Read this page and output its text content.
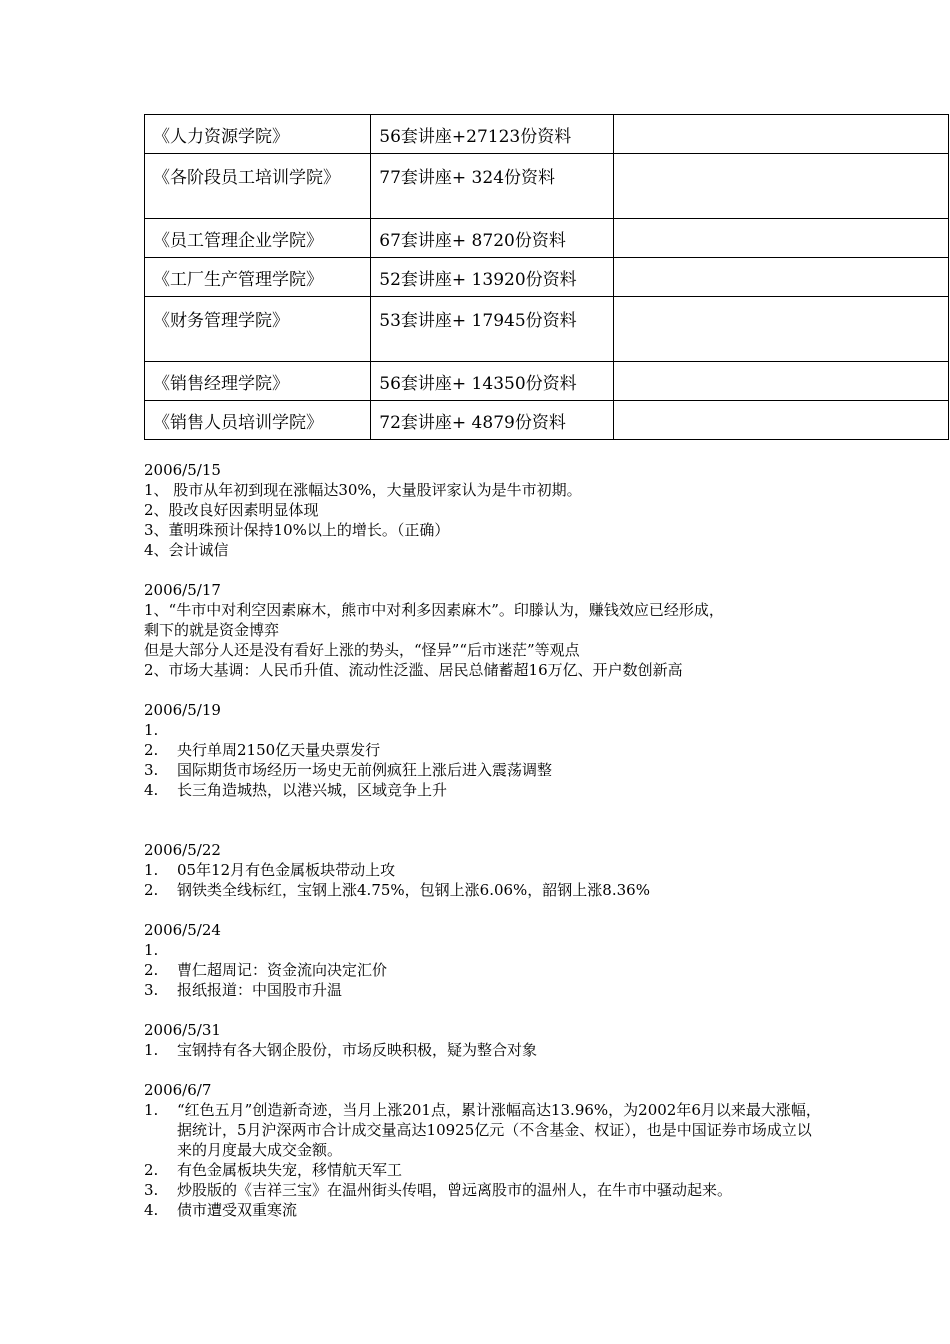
《人力资源学院》	56套讲座+27123份资料	
《各阶段员工培训学院》	77套讲座+ 324份资料	
《员工管理企业学院》	67套讲座+ 8720份资料	
《工厂生产管理学院》	52套讲座+ 13920份资料	
《财务管理学院》	53套讲座+ 17945份资料	
《销售经理学院》	56套讲座+ 14350份资料	
《销售人员培训学院》	72套讲座+ 4879份资料	
2006/5/15
1、 股市从年初到现在涨幅达30%，大量股评家认为是牛市初期。
2、股改良好因素明显体现
3、董明珠预计保持10%以上的增长。（正确）
4、会计诚信
2006/5/17
1、“牛市中对利空因素麻木，熊市中对利多因素麻木”。印滕认为，赚钱效应已经形成，
剩下的就是资金博弈
但是大部分人还是没有看好上涨的势头，“怪异”“后市迷茫”等观点
2、市场大基调：人民币升值、流动性泛滥、居民总储蓄超16万亿、开户数创新高
2006/5/19
1.
2.	央行单周2150亿天量央票发行
3.	国际期货市场经历一场史无前例疯狂上涨后进入震荡调整
4.	长三角造城热，以港兴城，区域竞争上升
2006/5/22
1.	05年12月有色金属板块带动上攻
2.	钢铁类全线标红，宝钢上涨4.75%，包钢上涨6.06%，韶钢上涨8.36%
2006/5/24
1.
2.	曹仁超周记：资金流向决定汇价
3.	报纸报道：中国股市升温
2006/5/31
1.	宝钢持有各大钢企股份，市场反映积极，疑为整合对象
2006/6/7
1.	“红色五月”创造新奇迹，当月上涨201点，累计涨幅高达13.96%，为2002年6月以来最大涨幅，据统计，5月沪深两市合计成交量高达10925亿元（不含基金、权证），也是中国证券市场成立以来的月度最大成交金额。
2.	有色金属板块失宠，移情航天军工
3.	炒股版的《吉祥三宝》在温州街头传唱，曾远离股市的温州人，在牛市中骚动起来。
4.	债市遭受双重寒流
